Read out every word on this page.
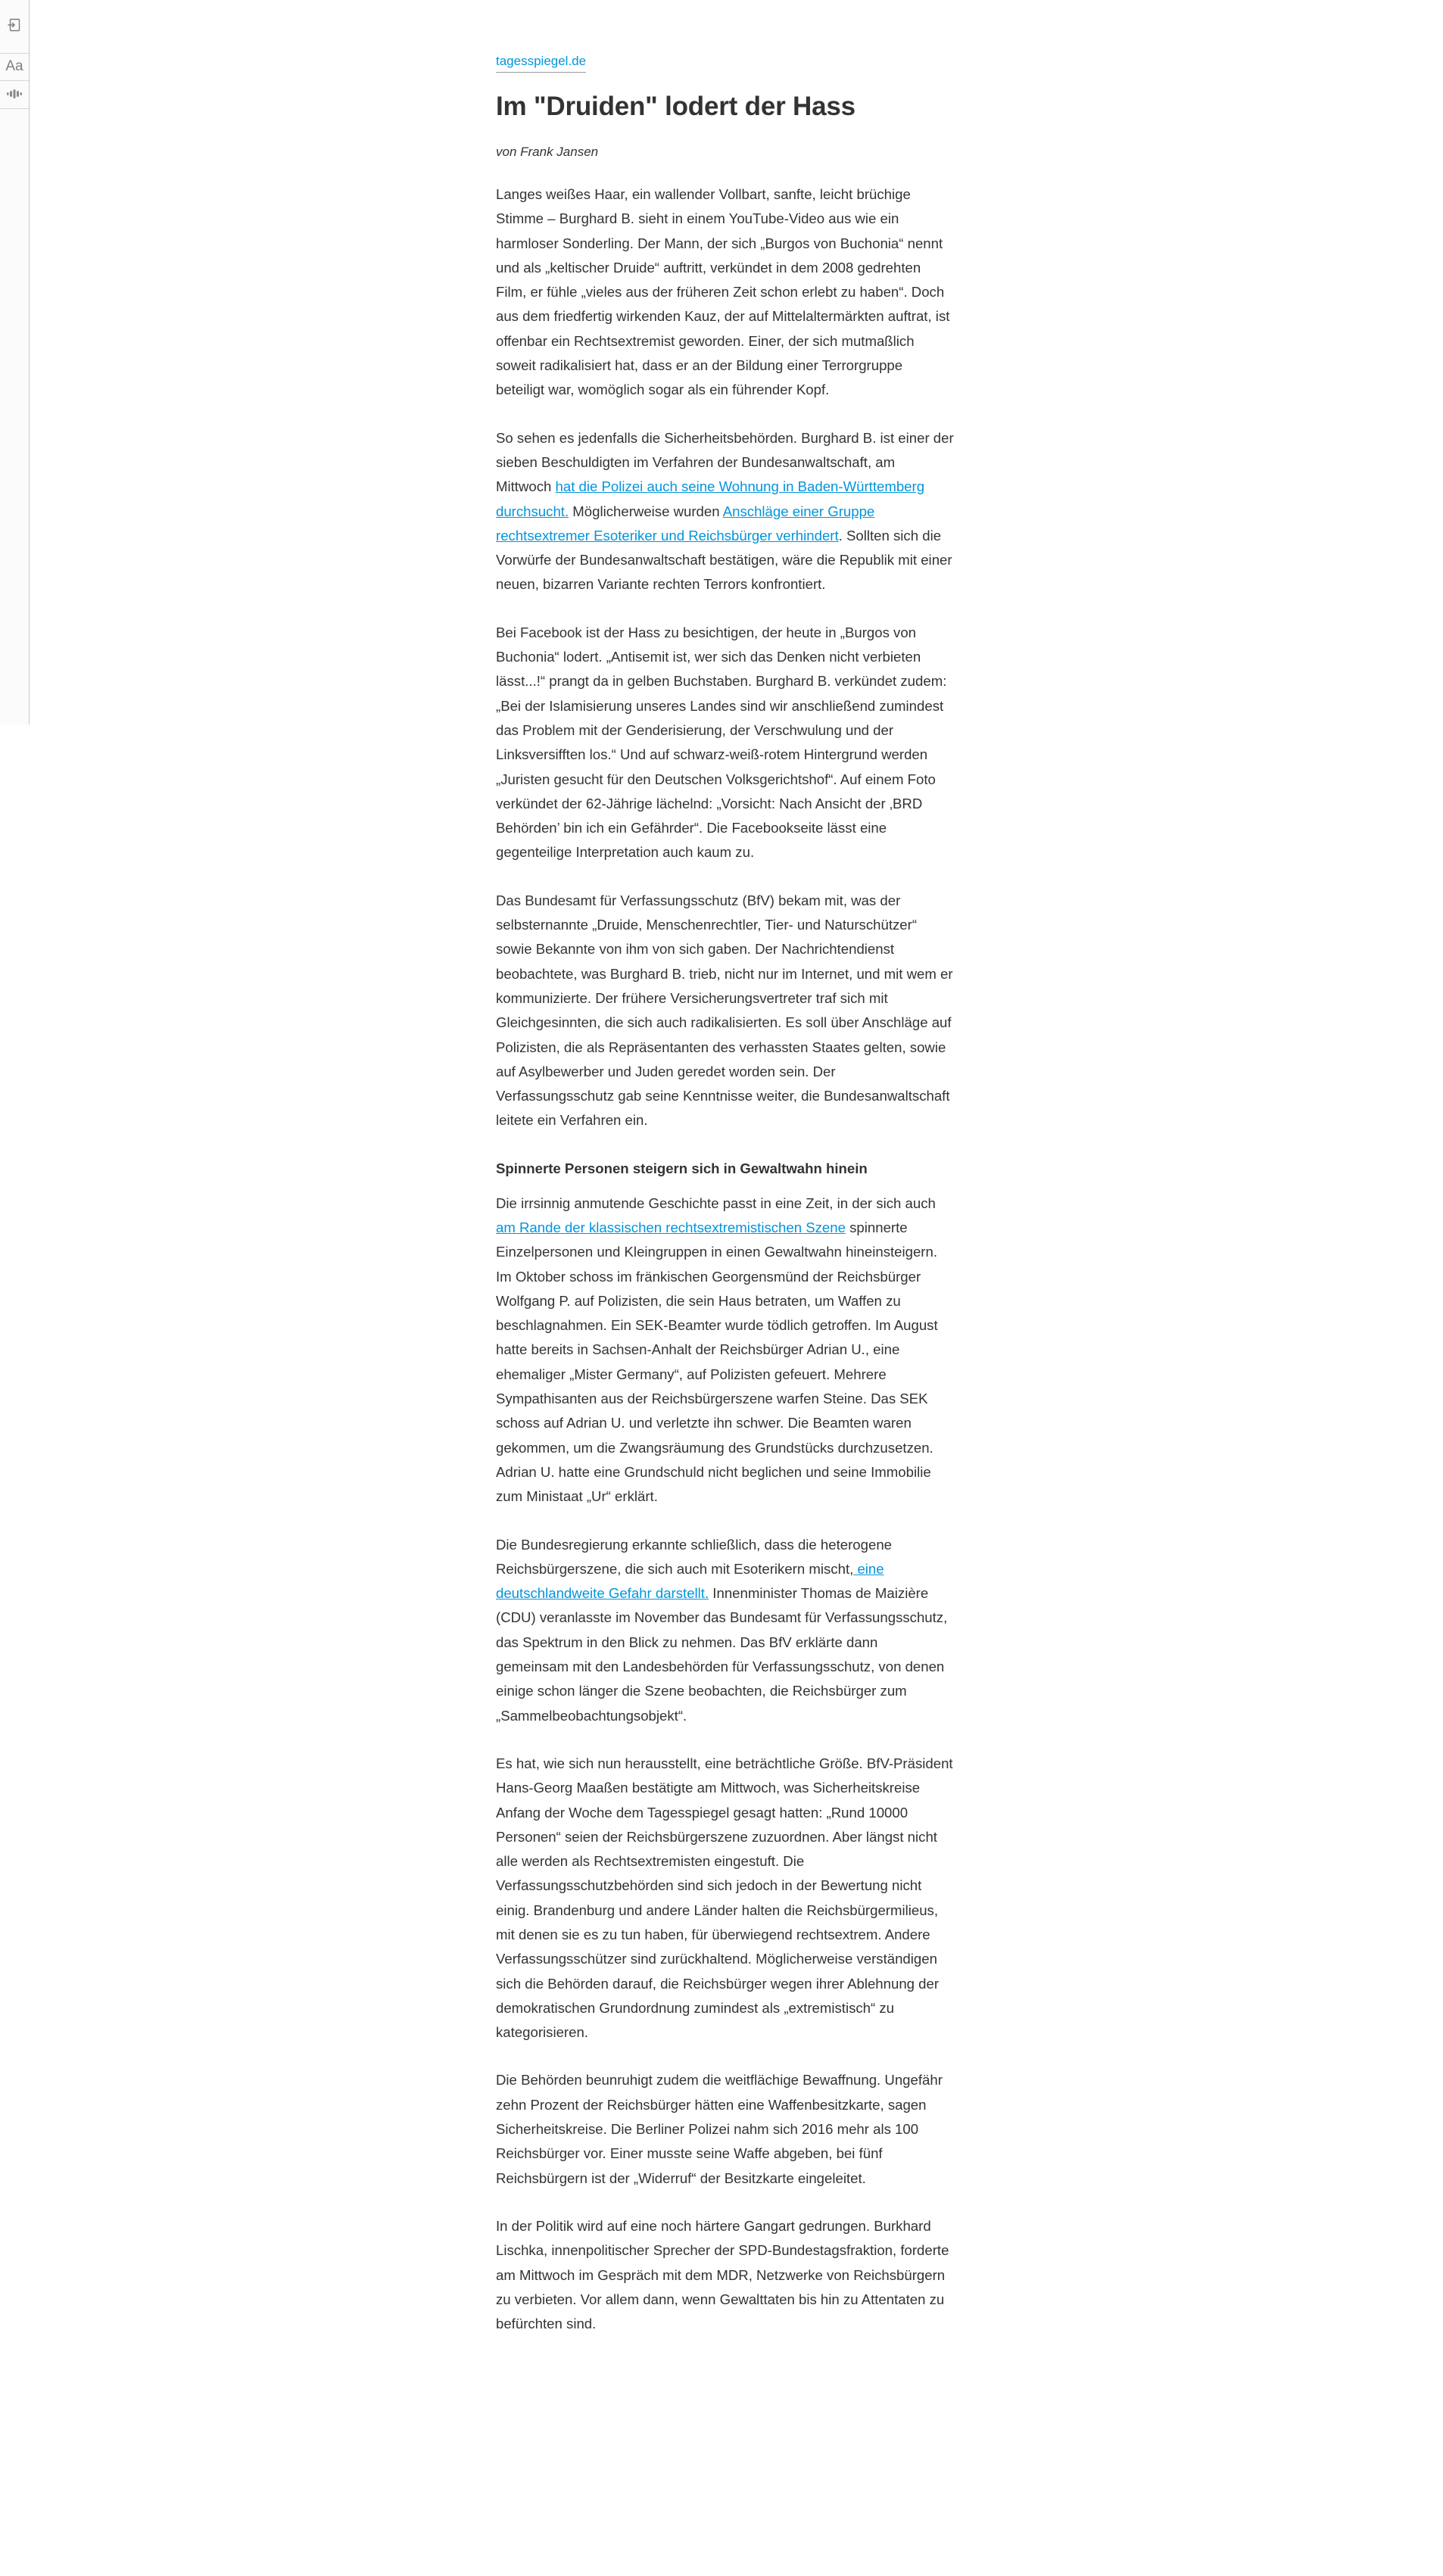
Aa	tagesspiegel.de
Im "Druiden" lodert der Hass
von Frank Jansen

Langes weißes Haar, ein wallender Vollbart, sanfte, leicht brüchige Stimme – Burghard B. sieht in einem YouTube-Video aus wie ein harmloser Sonderling. Der Mann, der sich „Burgos von Buchonia“ nennt und als „keltischer Druide“ auftritt, verkündet in dem 2008 gedrehten Film, er fühle „vieles aus der früheren Zeit schon erlebt zu haben“. Doch aus dem friedfertig wirkenden Kauz, der auf Mittelaltermärkten auftrat, ist offenbar ein Rechtsextremist geworden. Einer, der sich mutmaßlich soweit radikalisiert hat, dass er an der Bildung einer Terrorgruppe beteiligt war, womöglich sogar als ein führender Kopf.

So sehen es jedenfalls die Sicherheitsbehörden. Burghard B. ist einer der sieben Beschuldigten im Verfahren der Bundesanwaltschaft, am Mittwoch hat die Polizei auch seine Wohnung in Baden-Württemberg durchsucht. Möglicherweise wurden Anschläge einer Gruppe rechtsextremer Esoteriker und Reichsbürger verhindert. Sollten sich die Vorwürfe der Bundesanwaltschaft bestätigen, wäre die Republik mit einer neuen, bizarren Variante rechten Terrors konfrontiert.

Bei Facebook ist der Hass zu besichtigen, der heute in „Burgos von Buchonia“ lodert. „Antisemit ist, wer sich das Denken nicht verbieten lässt...!“ prangt da in gelben Buchstaben. Burghard B. verkündet zudem: „Bei der Islamisierung unseres Landes sind wir anschließend zumindest das Problem mit der Genderisierung, der Verschwulung und der Linksversifften los.“ Und auf schwarz-weiß-rotem Hintergrund werden „Juristen gesucht für den Deutschen Volksgerichtshof“. Auf einem Foto verkündet der 62-Jährige lächelnd: „Vorsicht: Nach Ansicht der ‚BRD Behörden’ bin ich ein Gefährder“. Die Facebookseite lässt eine gegenteilige Interpretation auch kaum zu.

Das Bundesamt für Verfassungsschutz (BfV) bekam mit, was der selbsternannte „Druide, Menschenrechtler, Tier- und Naturschützer“ sowie Bekannte von ihm von sich gaben. Der Nachrichtendienst beobachtete, was Burghard B. trieb, nicht nur im Internet, und mit wem er kommunizierte. Der frühere Versicherungsvertreter traf sich mit Gleichgesinnten, die sich auch radikalisierten. Es soll über Anschläge auf Polizisten, die als Repräsentanten des verhassten Staates gelten, sowie auf Asylbewerber und Juden geredet worden sein. Der Verfassungsschutz gab seine Kenntnisse weiter, die Bundesanwaltschaft leitete ein Verfahren ein.

Spinnerte Personen steigern sich in Gewaltwahn hinein

Die irrsinnig anmutende Geschichte passt in eine Zeit, in der sich auch am Rande der klassischen rechtsextremistischen Szene spinnerte Einzelpersonen und Kleingruppen in einen Gewaltwahn hineinsteigern. Im Oktober schoss im fränkischen Georgensmünd der Reichsbürger Wolfgang P. auf Polizisten, die sein Haus betraten, um Waffen zu beschlagnahmen. Ein SEK-Beamter wurde tödlich getroffen. Im August hatte bereits in Sachsen-Anhalt der Reichsbürger Adrian U., eine ehemaliger „Mister Germany“, auf Polizisten gefeuert. Mehrere Sympathisanten aus der Reichsbürgerszene warfen Steine. Das SEK schoss auf Adrian U. und verletzte ihn schwer. Die Beamten waren gekommen, um die Zwangsräumung des Grundstücks durchzusetzen. Adrian U. hatte eine Grundschuld nicht beglichen und seine Immobilie zum Ministaat „Ur“ erklärt.

Die Bundesregierung erkannte schließlich, dass die heterogene Reichsbürgerszene, die sich auch mit Esoterikern mischt, eine deutschlandweite Gefahr darstellt. Innenminister Thomas de Maizière (CDU) veranlasste im November das Bundesamt für Verfassungsschutz, das Spektrum in den Blick zu nehmen. Das BfV erklärte dann gemeinsam mit den Landesbehörden für Verfassungsschutz, von denen einige schon länger die Szene beobachten, die Reichsbürger zum „Sammelbeobachtungsobjekt“.

Es hat, wie sich nun herausstellt, eine beträchtliche Größe. BfV-Präsident Hans-Georg Maaßen bestätigte am Mittwoch, was Sicherheitskreise Anfang der Woche dem Tagesspiegel gesagt hatten: „Rund 10000 Personen“ seien der Reichsbürgerszene zuzuordnen. Aber längst nicht alle werden als Rechtsextremisten eingestuft. Die Verfassungsschutzbehörden sind sich jedoch in der Bewertung nicht einig. Brandenburg und andere Länder halten die Reichsbürgermilieus, mit denen sie es zu tun haben, für überwiegend rechtsextrem. Andere Verfassungsschützer sind zurückhaltend. Möglicherweise verständigen sich die Behörden darauf, die Reichsbürger wegen ihrer Ablehnung der demokratischen Grundordnung zumindest als „extremistisch“ zu kategorisieren.

Die Behörden beunruhigt zudem die weitflächige Bewaffnung. Ungefähr zehn Prozent der Reichsbürger hätten eine Waffenbesitzkarte, sagen Sicherheitskreise. Die Berliner Polizei nahm sich 2016 mehr als 100 Reichsbürger vor. Einer musste seine Waffe abgeben, bei fünf Reichsbürgern ist der „Widerruf“ der Besitzkarte eingeleitet.

In der Politik wird auf eine noch härtere Gangart gedrungen. Burkhard Lischka, innenpolitischer Sprecher der SPD-Bundestagsfraktion, forderte am Mittwoch im Gespräch mit dem MDR, Netzwerke von Reichsbürgern zu verbieten. Vor allem dann, wenn Gewalttaten bis hin zu Attentaten zu befürchten sind.
